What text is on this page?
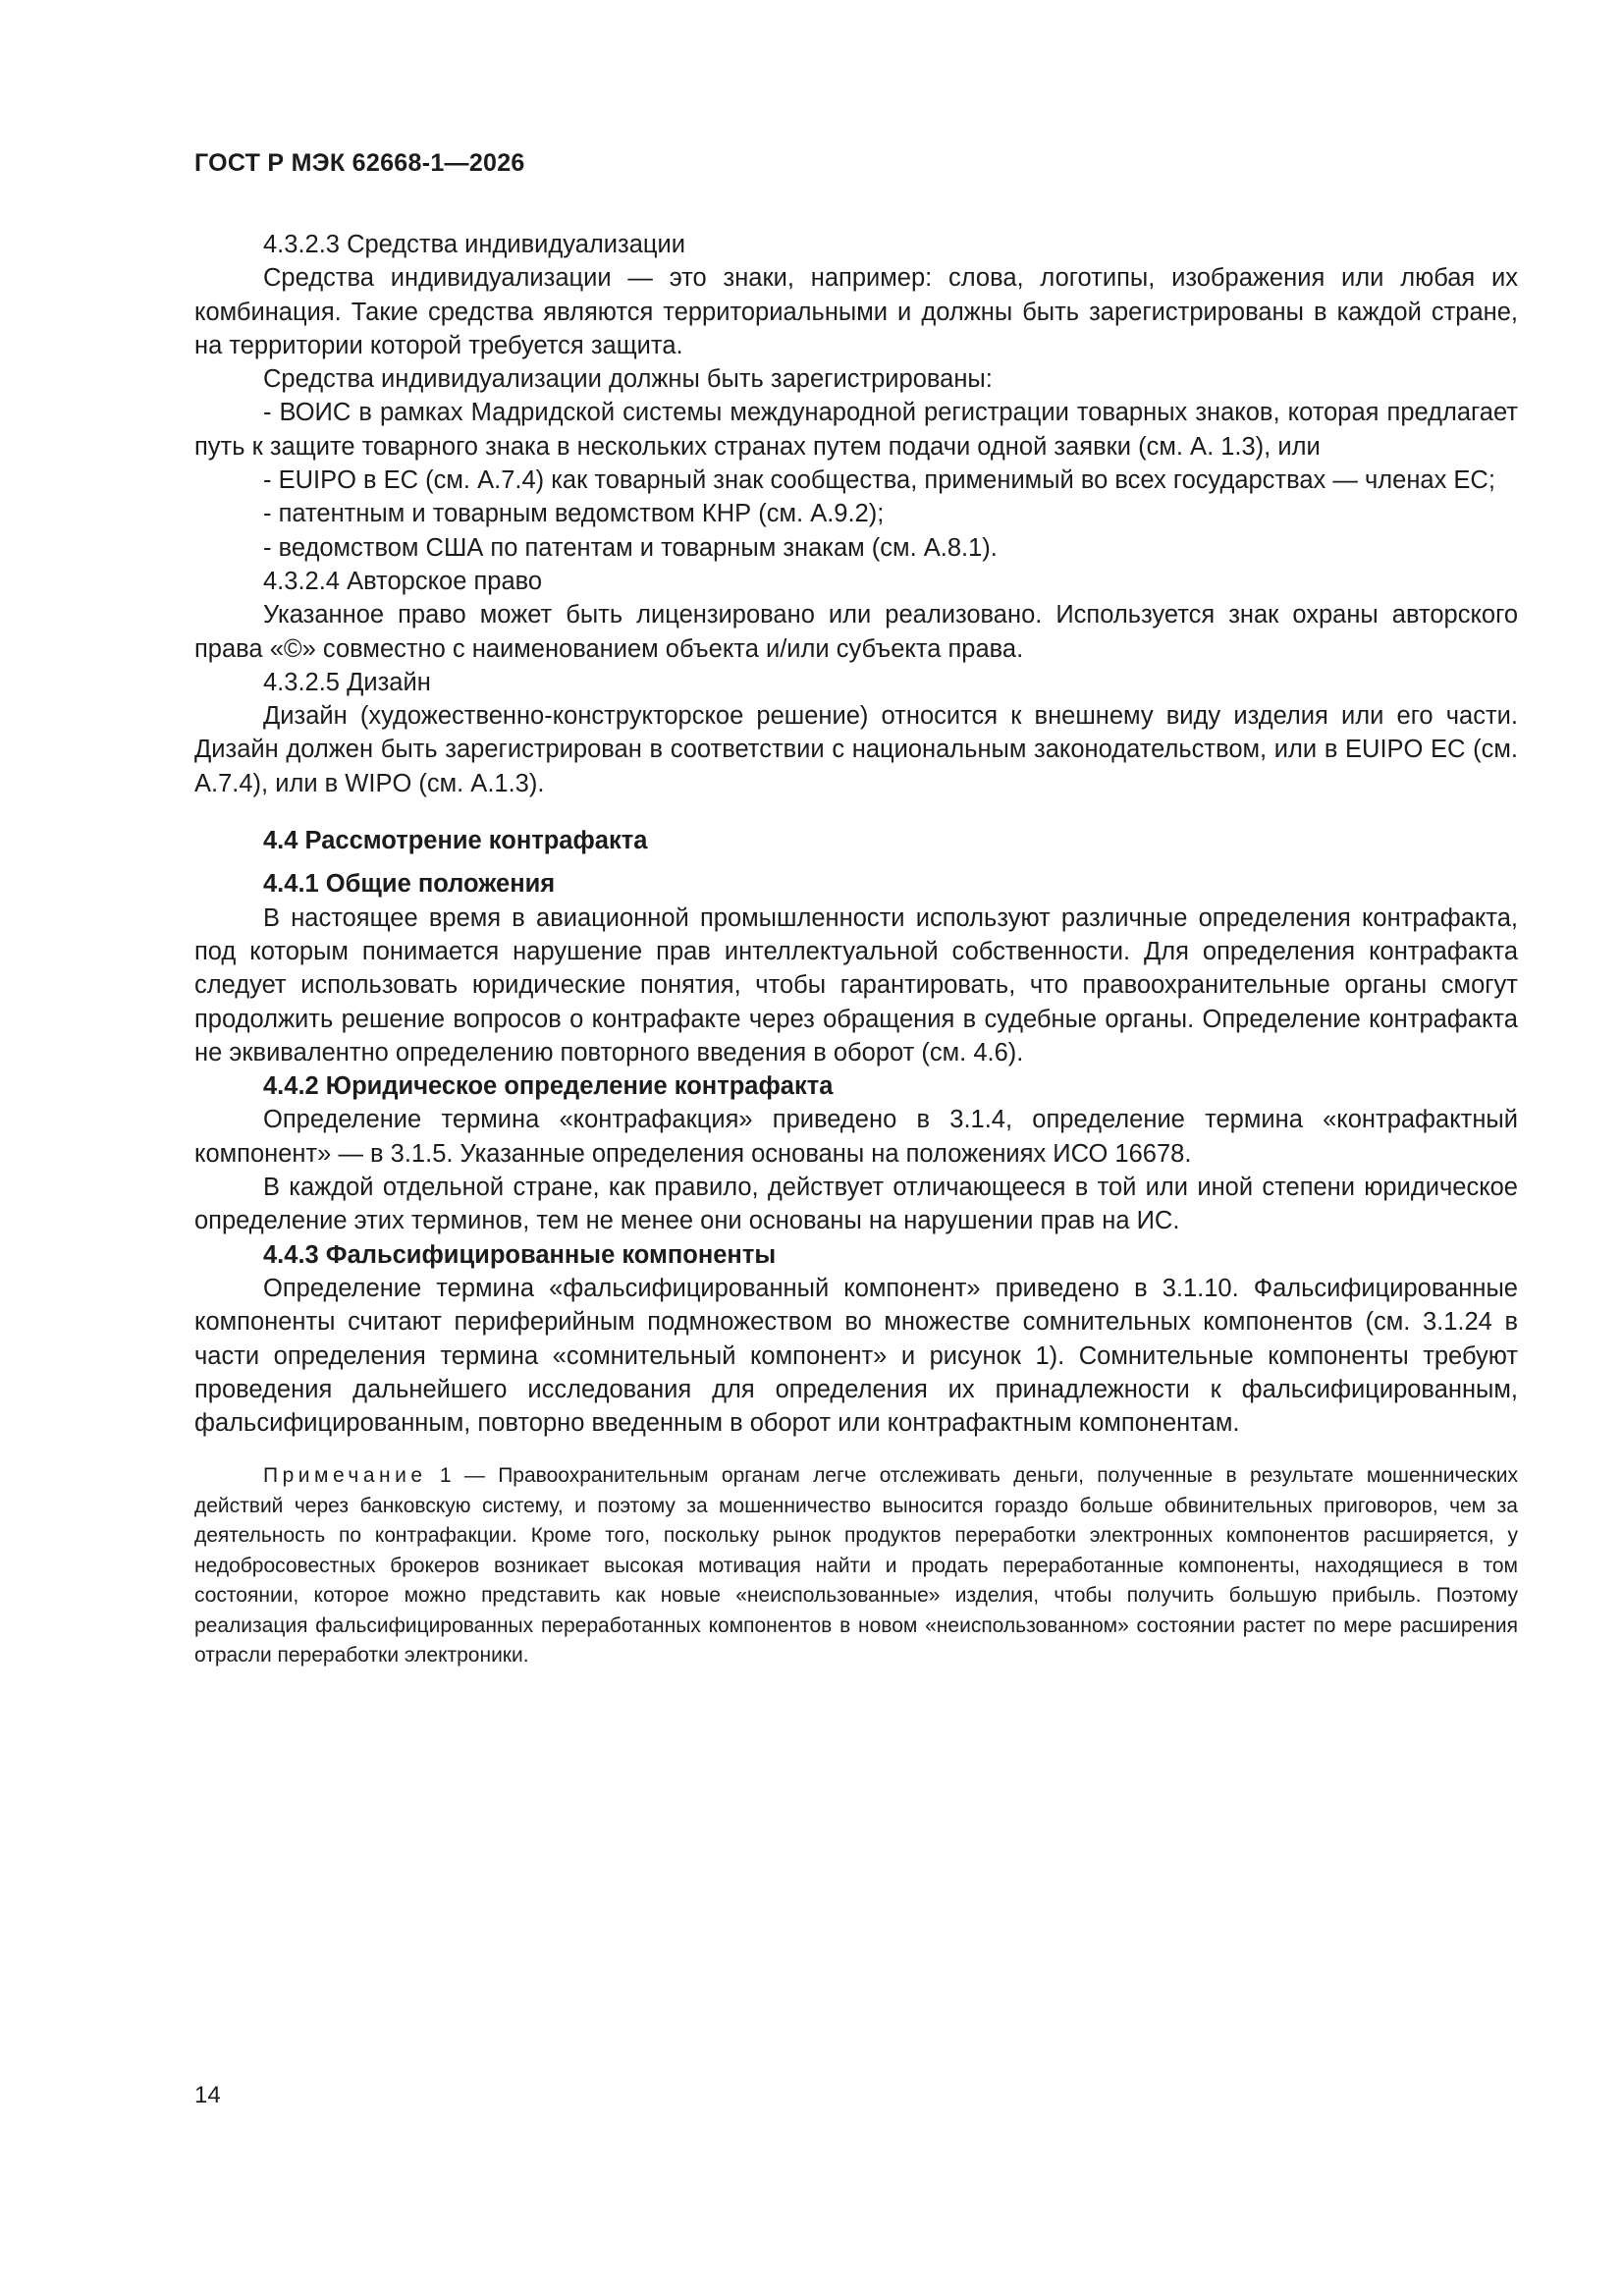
ГОСТ Р МЭК 62668-1—2026

4.3.2.3 Средства индивидуализации

Средства индивидуализации — это знаки, например: слова, логотипы, изображения или любая их комбинация. Такие средства являются территориальными и должны быть зарегистрированы в каждой стране, на территории которой требуется защита.

Средства индивидуализации должны быть зарегистрированы:

- ВОИС в рамках Мадридской системы международной регистрации товарных знаков, которая предлагает путь к защите товарного знака в нескольких странах путем подачи одной заявки (см. А. 1.3), или

- EUIPO в ЕС (см. А.7.4) как товарный знак сообщества, применимый во всех государствах — членах ЕС;

- патентным и товарным ведомством КНР (см. А.9.2);

- ведомством США по патентам и товарным знакам (см. А.8.1).

4.3.2.4 Авторское право

Указанное право может быть лицензировано или реализовано. Используется знак охраны авторского права «©» совместно с наименованием объекта и/или субъекта права.

4.3.2.5 Дизайн

Дизайн (художественно-конструкторское решение) относится к внешнему виду изделия или его части. Дизайн должен быть зарегистрирован в соответствии с национальным законодательством, или в EUIPO ЕС (см. А.7.4), или в WIPO (см. А.1.3).

4.4 Рассмотрение контрафакта

4.4.1 Общие положения

В настоящее время в авиационной промышленности используют различные определения контрафакта, под которым понимается нарушение прав интеллектуальной собственности. Для определения контрафакта следует использовать юридические понятия, чтобы гарантировать, что правоохранительные органы смогут продолжить решение вопросов о контрафакте через обращения в судебные органы. Определение контрафакта не эквивалентно определению повторного введения в оборот (см. 4.6).

4.4.2 Юридическое определение контрафакта

Определение термина «контрафакция» приведено в 3.1.4, определение термина «контрафактный компонент» — в 3.1.5. Указанные определения основаны на положениях ИСО 16678.

В каждой отдельной стране, как правило, действует отличающееся в той или иной степени юридическое определение этих терминов, тем не менее они основаны на нарушении прав на ИС.

4.4.3 Фальсифицированные компоненты

Определение термина «фальсифицированный компонент» приведено в 3.1.10. Фальсифицированные компоненты считают периферийным подмножеством во множестве сомнительных компонентов (см. 3.1.24 в части определения термина «сомнительный компонент» и рисунок 1). Сомнительные компоненты требуют проведения дальнейшего исследования для определения их принадлежности к фальсифицированным, фальсифицированным, повторно введенным в оборот или контрафактным компонентам.

Примечание 1 — Правоохранительным органам легче отслеживать деньги, полученные в результате мошеннических действий через банковскую систему, и поэтому за мошенничество выносится гораздо больше обвинительных приговоров, чем за деятельность по контрафакции. Кроме того, поскольку рынок продуктов переработки электронных компонентов расширяется, у недобросовестных брокеров возникает высокая мотивация найти и продать переработанные компоненты, находящиеся в том состоянии, которое можно представить как новые «неиспользованные» изделия, чтобы получить большую прибыль. Поэтому реализация фальсифицированных переработанных компонентов в новом «неиспользованном» состоянии растет по мере расширения отрасли переработки электроники.

14
